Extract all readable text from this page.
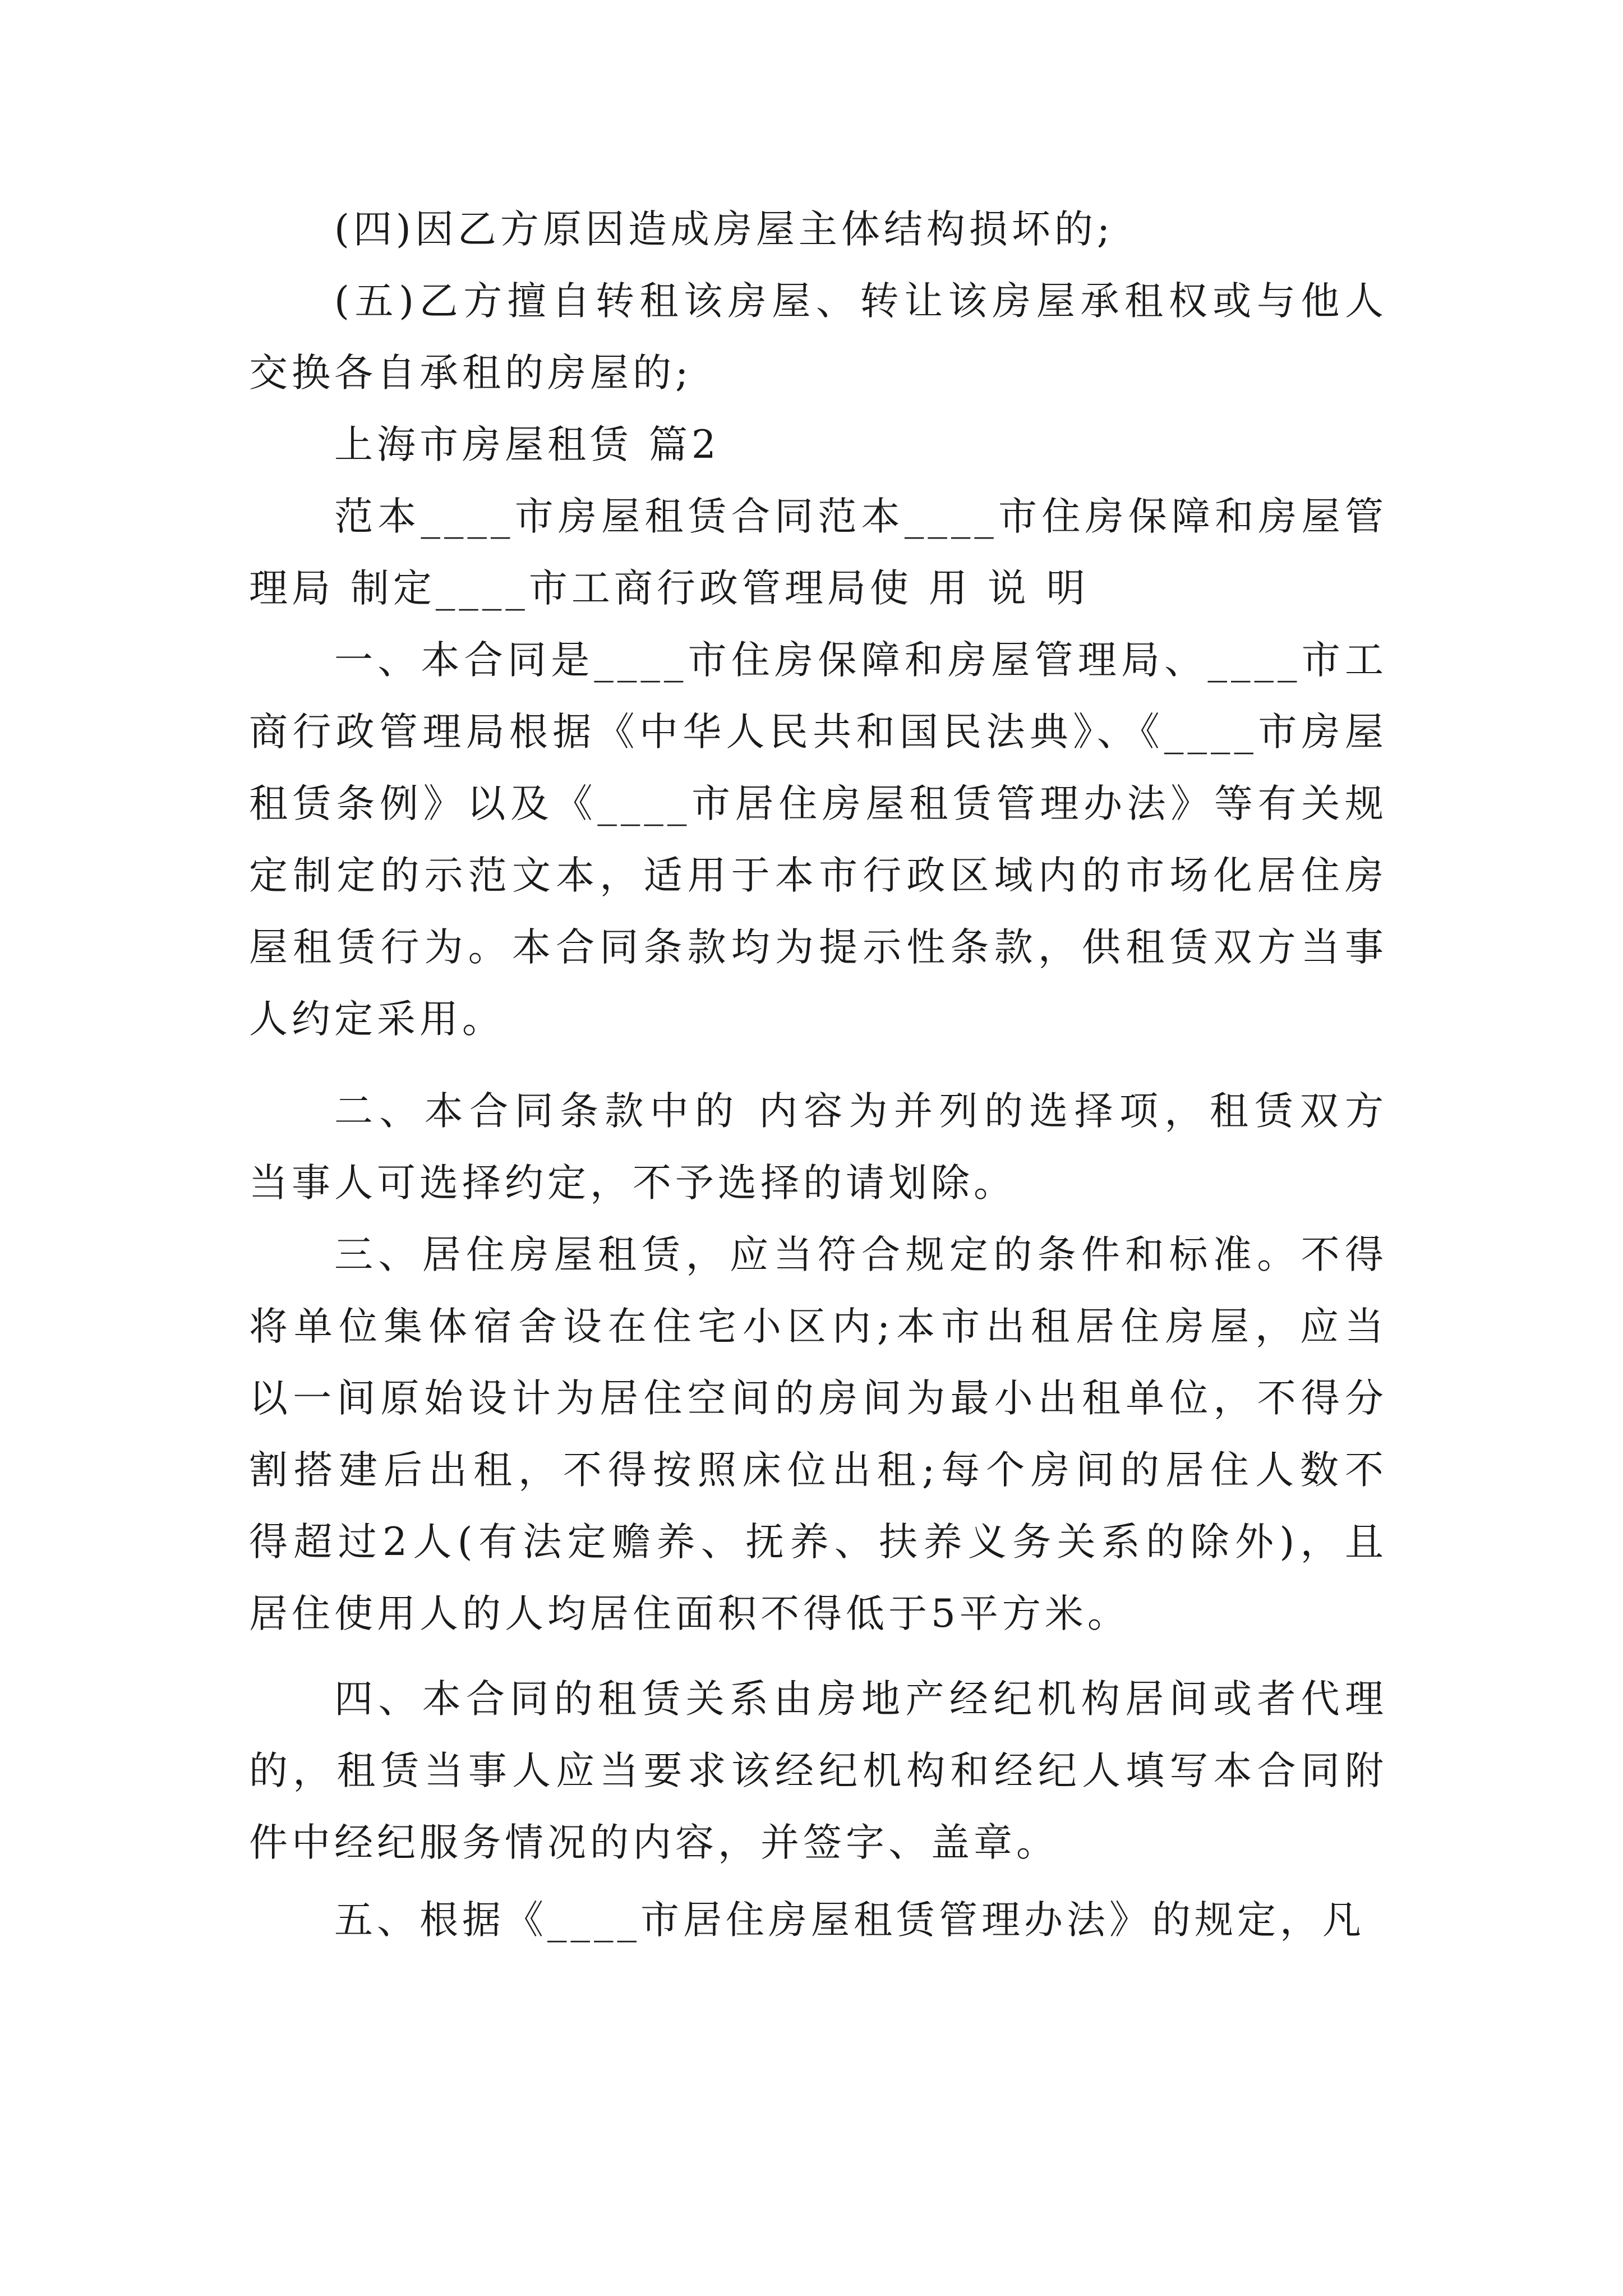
(四)因乙方原因造成房屋主体结构损坏的;
(五)乙方擅自转租该房屋、转让该房屋承租权或与他人
交换各自承租的房屋的;
上海市房屋租赁 篇2
范本____市房屋租赁合同范本____市住房保障和房屋管
理局 制定____市工商行政管理局使 用 说 明
一、本合同是____市住房保障和房屋管理局、____市工
商行政管理局根据《中华人民共和国民法典》、《____市房屋
租赁条例》以及《____市居住房屋租赁管理办法》等有关规
定制定的示范文本，适用于本市行政区域内的市场化居住房
屋租赁行为。本合同条款均为提示性条款，供租赁双方当事
人约定采用。
二、本合同条款中的 内容为并列的选择项，租赁双方
当事人可选择约定，不予选择的请划除。
三、居住房屋租赁，应当符合规定的条件和标准。不得
将单位集体宿舍设在住宅小区内;本市出租居住房屋，应当
以一间原始设计为居住空间的房间为最小出租单位，不得分
割搭建后出租，不得按照床位出租;每个房间的居住人数不
得超过2人(有法定赡养、抚养、扶养义务关系的除外)，且
居住使用人的人均居住面积不得低于5平方米。
四、本合同的租赁关系由房地产经纪机构居间或者代理
的，租赁当事人应当要求该经纪机构和经纪人填写本合同附
件中经纪服务情况的内容，并签字、盖章。
五、根据《____市居住房屋租赁管理办法》的规定，凡
